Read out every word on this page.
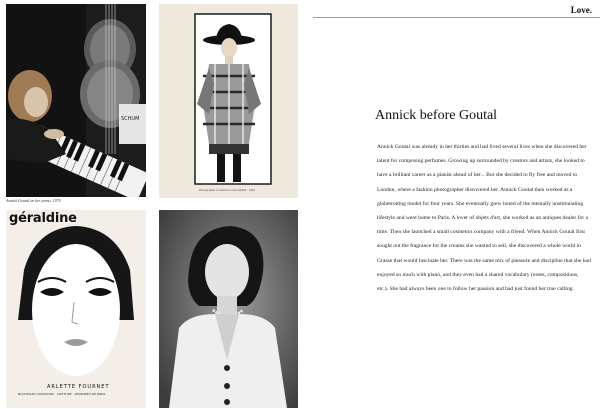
SCHUM
Annick Goutal on her piano, 1970
Photographie of Annick Goutal, PARIS · 1964
géraldine
ARLETTE FOURNET
NOUVELLES CHANSONS · COIFFURE · LÉGENDES DE PARIS
Love.
Annick before Goutal

Annick Goutal was already in her thirties and had lived several lives when she discovered her talent for composing perfumes. Growing up surrounded by creators and artists, she looked to have a brilliant career as a pianist ahead of her... But she decided to fly free and moved to London, where a fashion photographer discovered her. Annick Goutal then worked as a globetrotting model for four years. She eventually grew bored of the mentally unstimulating lifestyle and went home to Paris. A lover of objets d'art, she worked as an antiques dealer for a time. Then she launched a small cosmetics company with a friend. When Annick Goutal first sought out the fragrance for the creams she wanted to sell, she discovered a whole world in Grasse that would fascinate her. There was the same mix of pleasure and discipline that she had enjoyed so much with piano, and they even had a shared vocabulary (notes, compositions, etc.). She had always been one to follow her passion and had just found her true calling.
